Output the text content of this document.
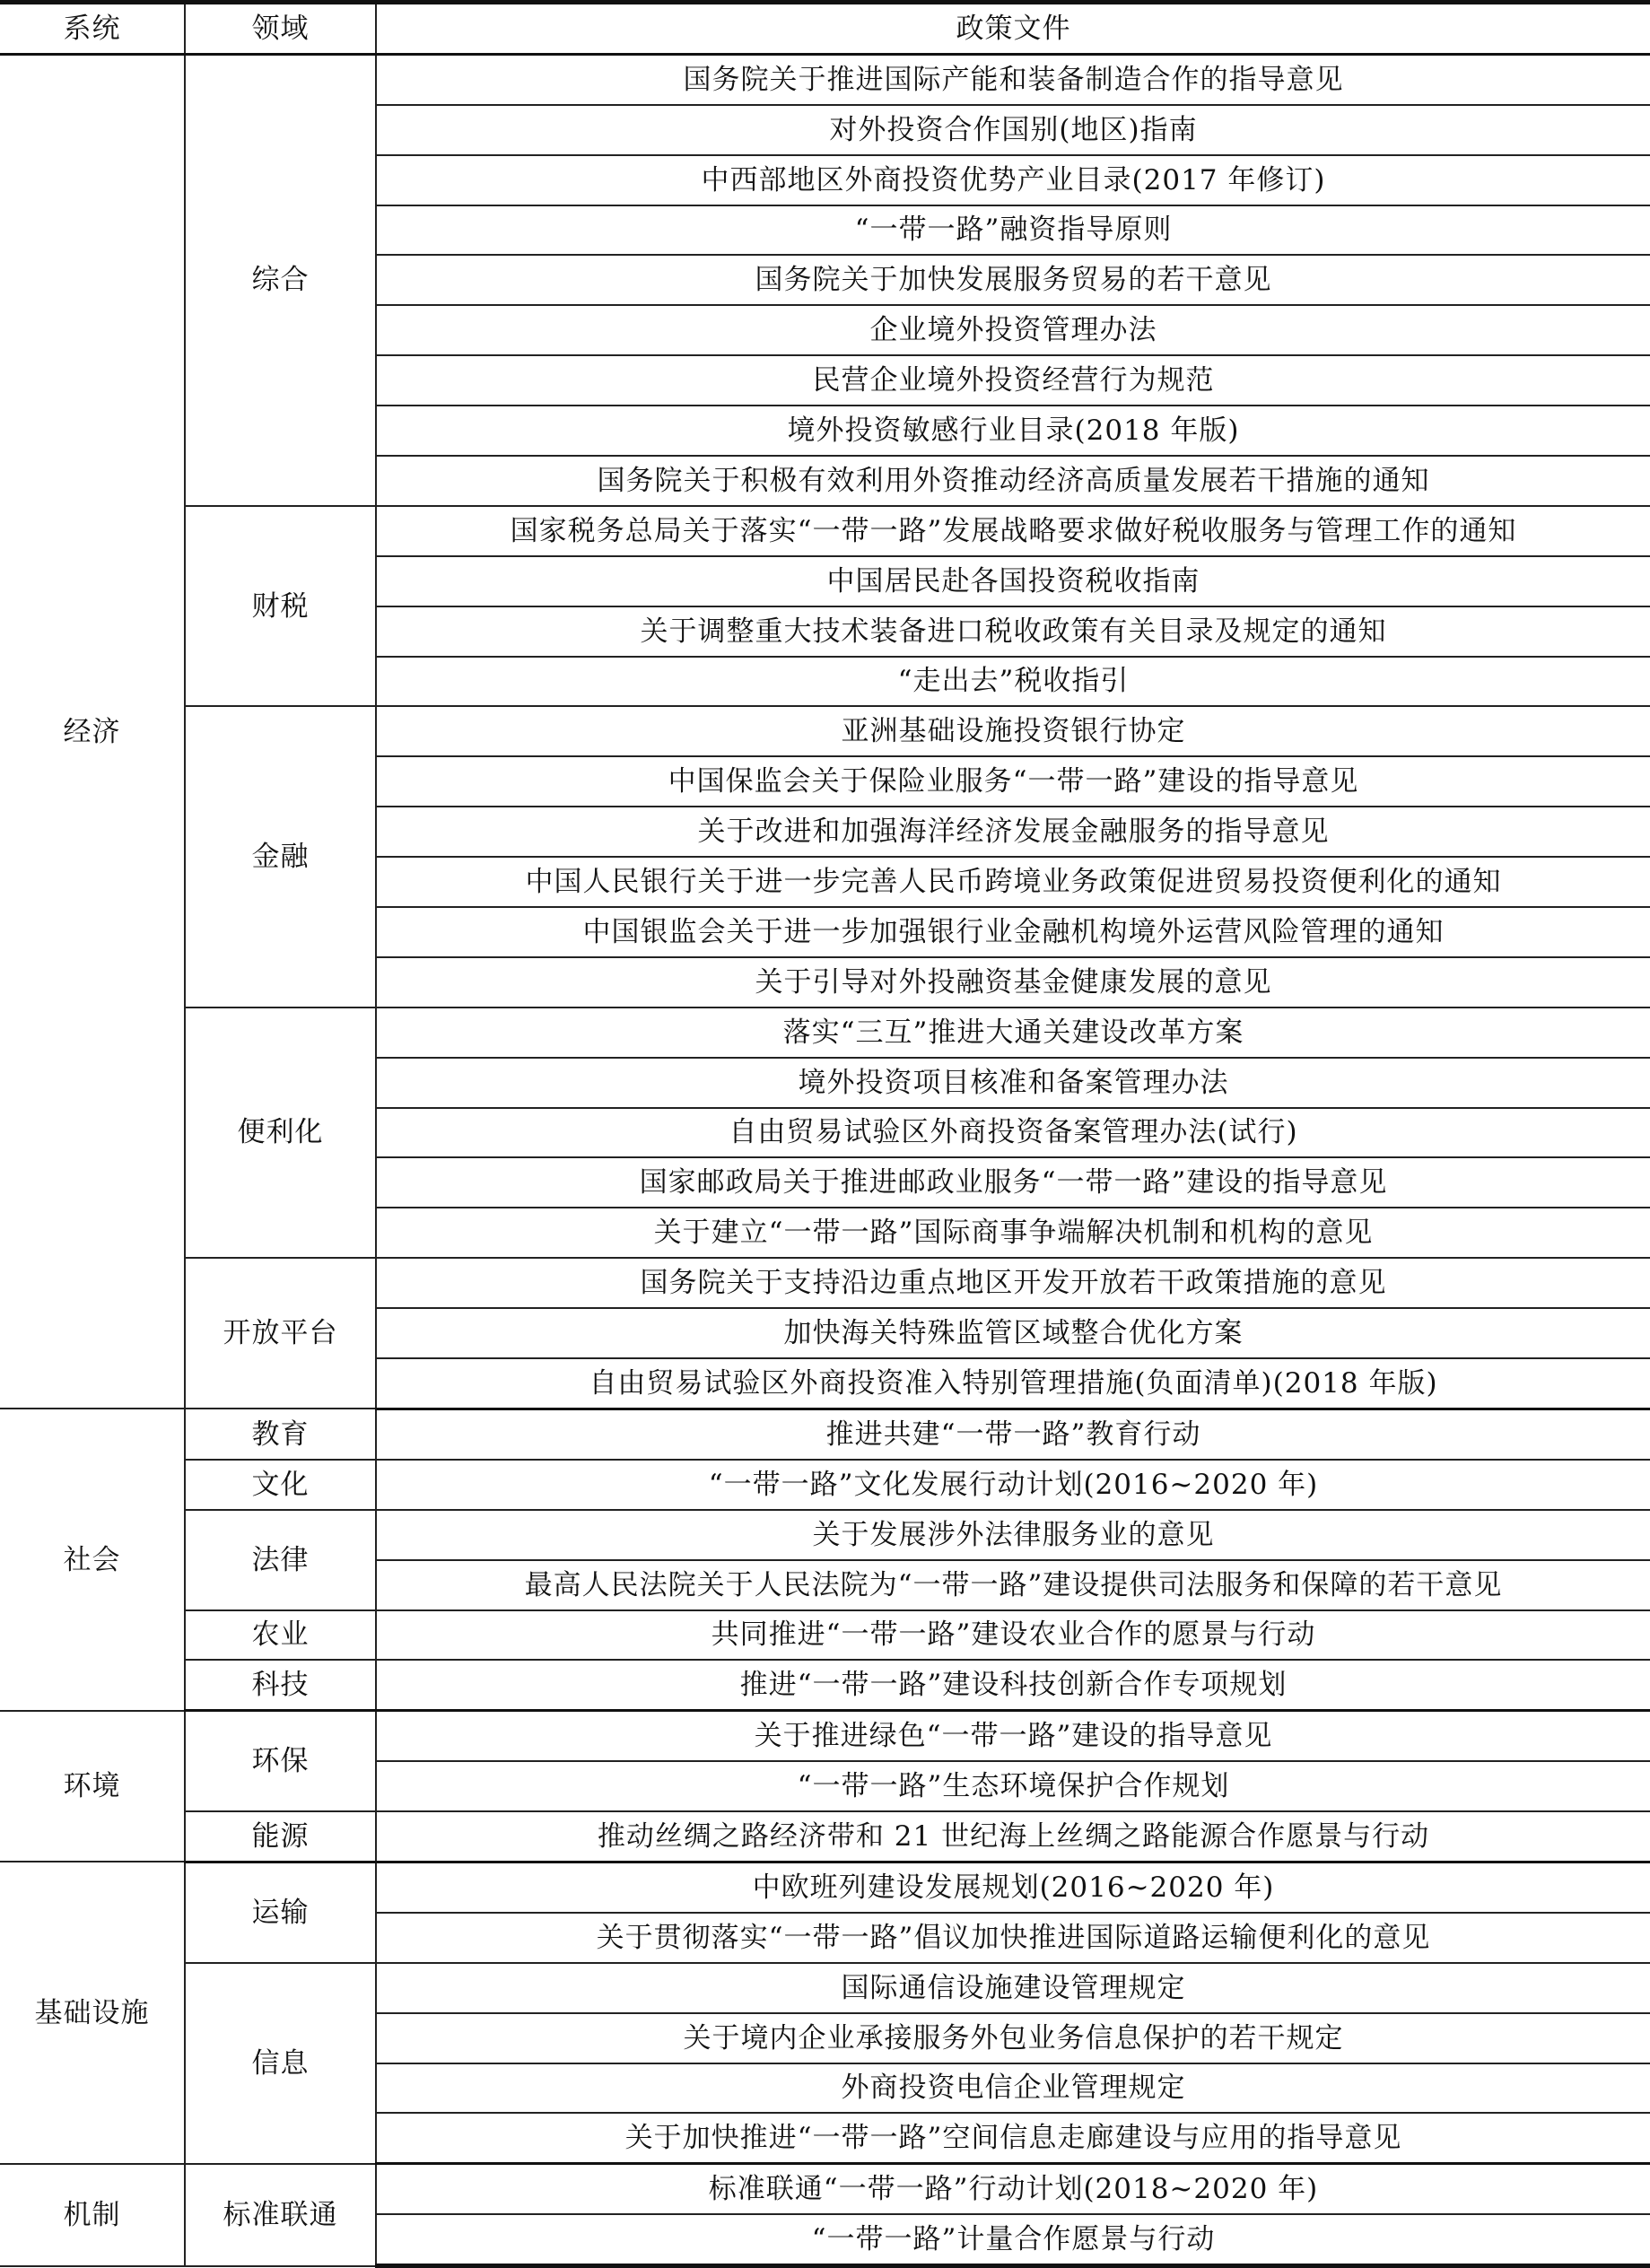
系统	领域	政策文件
经济	综合	国务院关于推进国际产能和装备制造合作的指导意见
		对外投资合作国别(地区)指南
		中西部地区外商投资优势产业目录(2017 年修订)
		“一带一路”融资指导原则
		国务院关于加快发展服务贸易的若干意见
		企业境外投资管理办法
		民营企业境外投资经营行为规范
		境外投资敏感行业目录(2018 年版)
		国务院关于积极有效利用外资推动经济高质量发展若干措施的通知
	财税	国家税务总局关于落实“一带一路”发展战略要求做好税收服务与管理工作的通知
		中国居民赴各国投资税收指南
		关于调整重大技术装备进口税收政策有关目录及规定的通知
		“走出去”税收指引
	金融	亚洲基础设施投资银行协定
		中国保监会关于保险业服务“一带一路”建设的指导意见
		关于改进和加强海洋经济发展金融服务的指导意见
		中国人民银行关于进一步完善人民币跨境业务政策促进贸易投资便利化的通知
		中国银监会关于进一步加强银行业金融机构境外运营风险管理的通知
		关于引导对外投融资基金健康发展的意见
	便利化	落实“三互”推进大通关建设改革方案
		境外投资项目核准和备案管理办法
		自由贸易试验区外商投资备案管理办法(试行)
		国家邮政局关于推进邮政业服务“一带一路”建设的指导意见
		关于建立“一带一路”国际商事争端解决机制和机构的意见
	开放平台	国务院关于支持沿边重点地区开发开放若干政策措施的意见
		加快海关特殊监管区域整合优化方案
		自由贸易试验区外商投资准入特别管理措施(负面清单)(2018 年版)
社会	教育	推进共建“一带一路”教育行动
	文化	“一带一路”文化发展行动计划(2016~2020 年)
	法律	关于发展涉外法律服务业的意见
		最高人民法院关于人民法院为“一带一路”建设提供司法服务和保障的若干意见
	农业	共同推进“一带一路”建设农业合作的愿景与行动
	科技	推进“一带一路”建设科技创新合作专项规划
环境	环保	关于推进绿色“一带一路”建设的指导意见
		“一带一路”生态环境保护合作规划
	能源	推动丝绸之路经济带和 21 世纪海上丝绸之路能源合作愿景与行动
基础设施	运输	中欧班列建设发展规划(2016~2020 年)
		关于贯彻落实“一带一路”倡议加快推进国际道路运输便利化的意见
	信息	国际通信设施建设管理规定
		关于境内企业承接服务外包业务信息保护的若干规定
		外商投资电信企业管理规定
		关于加快推进“一带一路”空间信息走廊建设与应用的指导意见
机制	标准联通	标准联通“一带一路”行动计划(2018~2020 年)
		“一带一路”计量合作愿景与行动
